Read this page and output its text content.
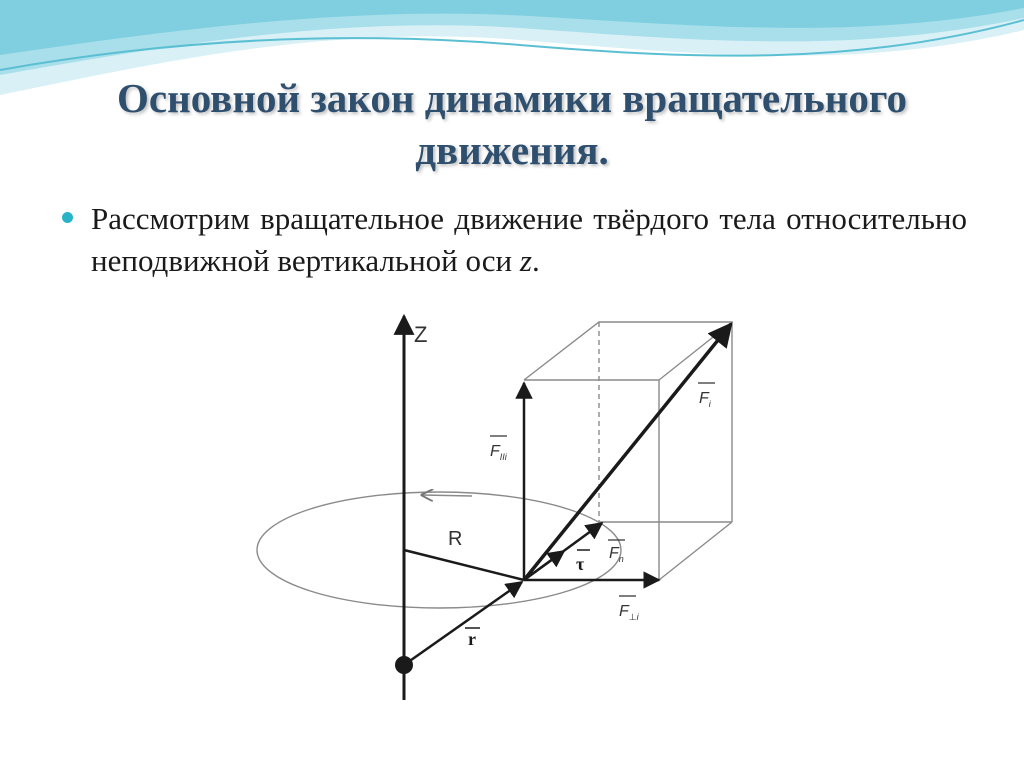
Основной закон динамики вращательного
движения.
Рассмотрим вращательное движение твёрдого тела относительно неподвижной вертикальной оси z.
Z
R
r
$F_{IIi}$
$F_i$
$F_n$
τ
$F_{\perp i}$
